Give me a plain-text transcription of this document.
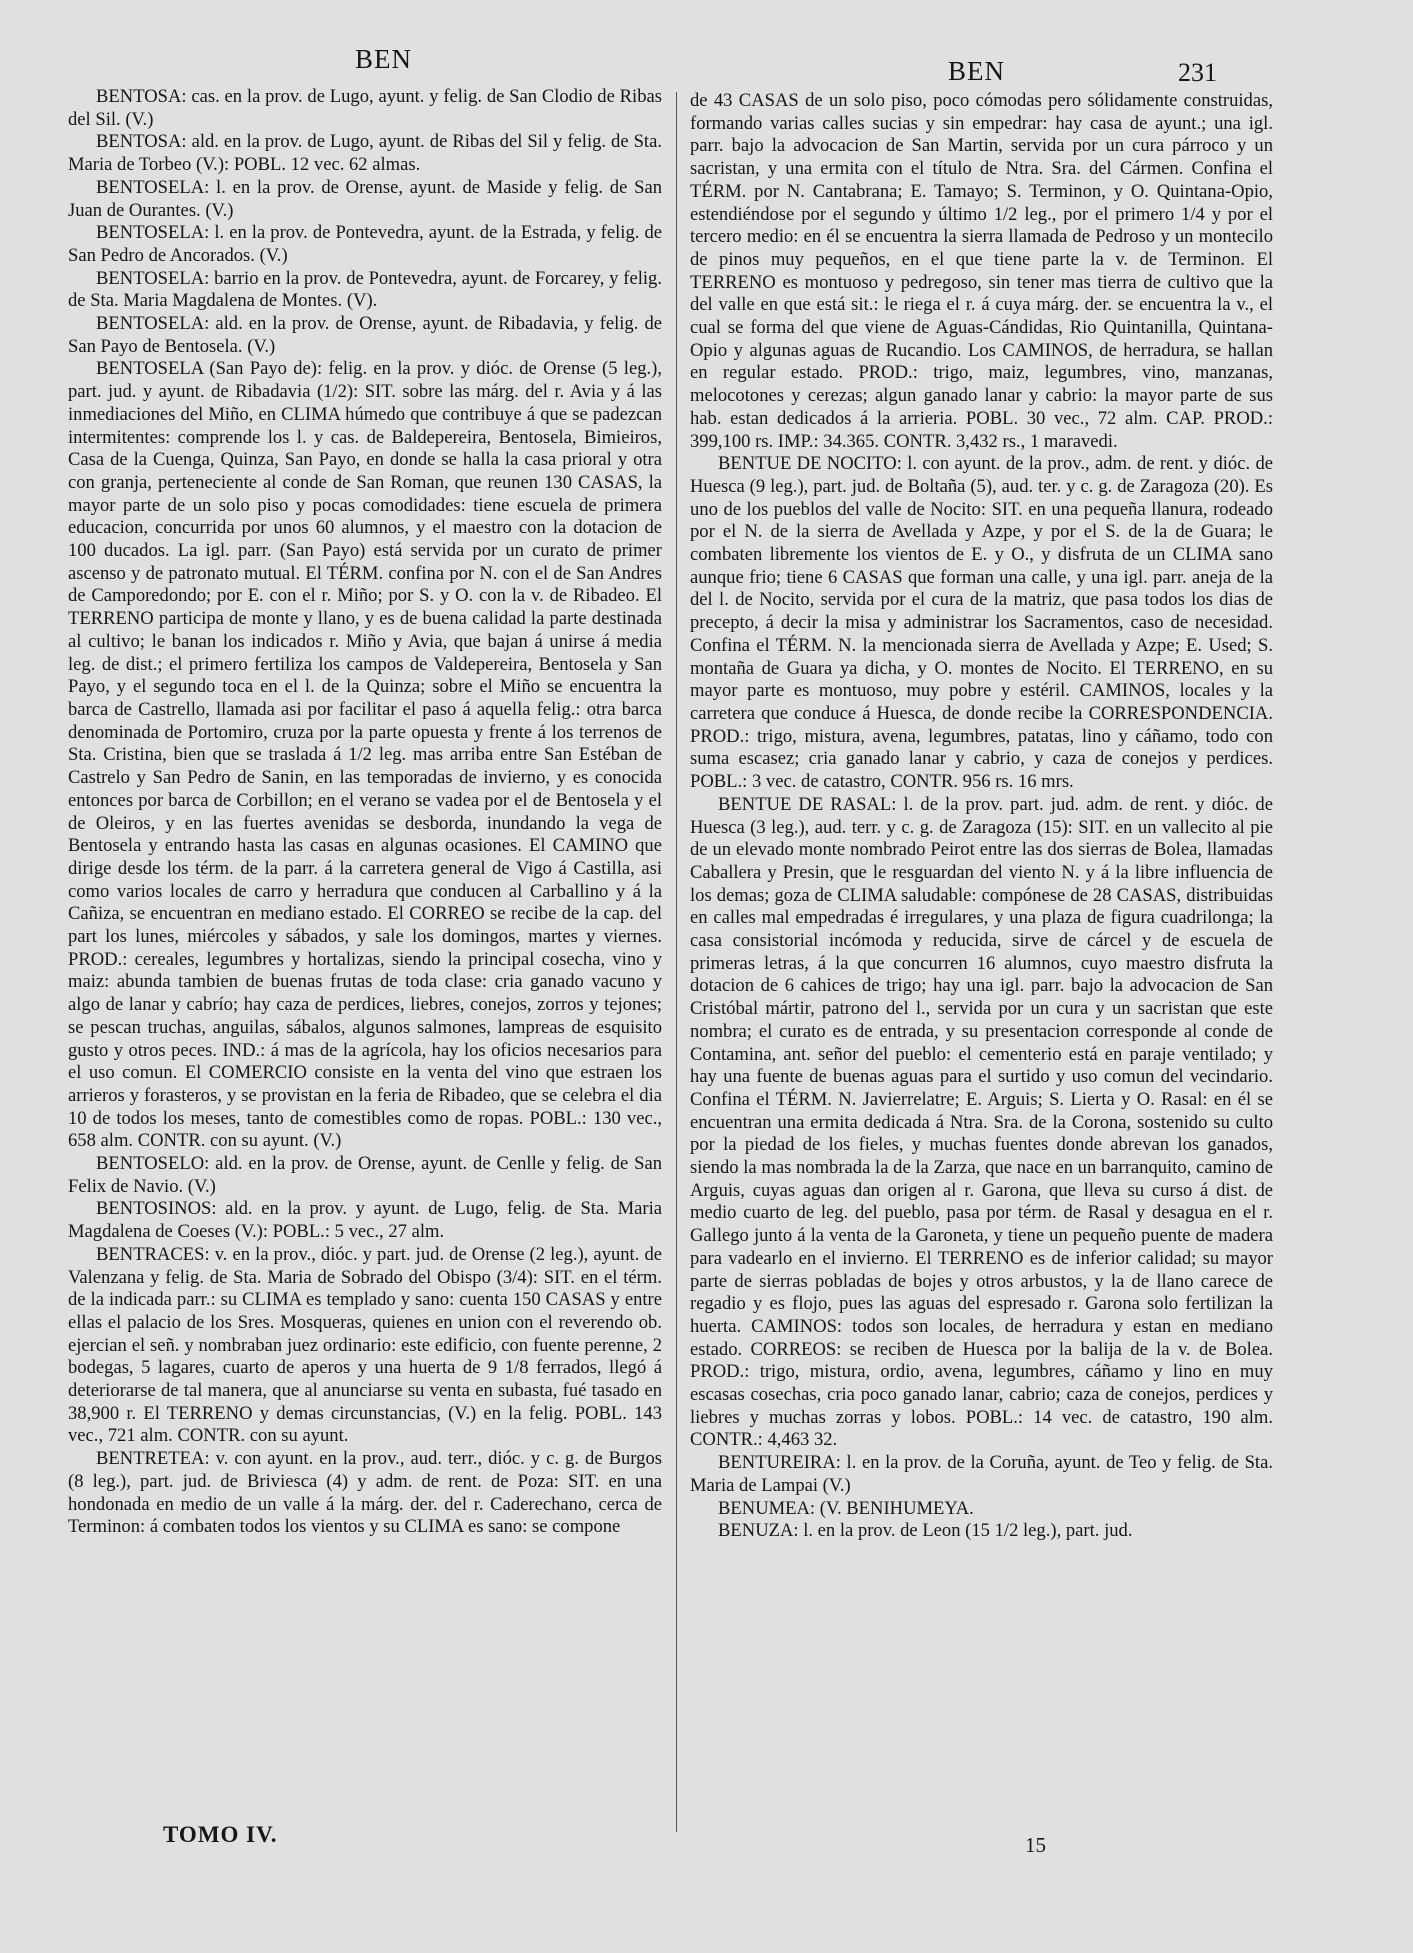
BEN	BEN	231

BENTOSA: cas. en la prov. de Lugo, ayunt. y felig. de San Clodio de Ribas del Sil. (V.)

BENTOSA: ald. en la prov. de Lugo, ayunt. de Ribas del Sil y felig. de Sta. Maria de Torbeo (V.): POBL. 12 vec. 62 almas.

BENTOSELA: l. en la prov. de Orense, ayunt. de Maside y felig. de San Juan de Ourantes. (V.)

BENTOSELA: l. en la prov. de Pontevedra, ayunt. de la Estrada, y felig. de San Pedro de Ancorados. (V.)

BENTOSELA: barrio en la prov. de Pontevedra, ayunt. de Forcarey, y felig. de Sta. Maria Magdalena de Montes. (V).

BENTOSELA: ald. en la prov. de Orense, ayunt. de Ribadavia, y felig. de San Payo de Bentosela. (V.)

BENTOSELA (San Payo de): felig. en la prov. y dióc. de Orense (5 leg.), part. jud. y ayunt. de Ribadavia (1/2): SIT. sobre las márg. del r. Avia y á las inmediaciones del Miño, en CLIMA húmedo que contribuye á que se padezcan intermitentes: comprende los l. y cas. de Baldepereira, Bentosela, Bimieiros, Casa de la Cuenga, Quinza, San Payo, en donde se halla la casa prioral y otra con granja, perteneciente al conde de San Roman, que reunen 130 CASAS, la mayor parte de un solo piso y pocas comodidades: tiene escuela de primera educacion, concurrida por unos 60 alumnos, y el maestro con la dotacion de 100 ducados. La igl. parr. (San Payo) está servida por un curato de primer ascenso y de patronato mutual. El TÉRM. confina por N. con el de San Andres de Camporedondo; por E. con el r. Miño; por S. y O. con la v. de Ribadeo. El TERRENO participa de monte y llano, y es de buena calidad la parte destinada al cultivo; le banan los indicados r. Miño y Avia, que bajan á unirse á media leg. de dist.; el primero fertiliza los campos de Valdepereira, Bentosela y San Payo, y el segundo toca en el l. de la Quinza; sobre el Miño se encuentra la barca de Castrello, llamada asi por facilitar el paso á aquella felig.: otra barca denominada de Portomiro, cruza por la parte opuesta y frente á los terrenos de Sta. Cristina, bien que se traslada á 1/2 leg. mas arriba entre San Estéban de Castrelo y San Pedro de Sanin, en las temporadas de invierno, y es conocida entonces por barca de Corbillon; en el verano se vadea por el de Bentosela y el de Oleiros, y en las fuertes avenidas se desborda, inundando la vega de Bentosela y entrando hasta las casas en algunas ocasiones. El CAMINO que dirige desde los térm. de la parr. á la carretera general de Vigo á Castilla, asi como varios locales de carro y herradura que conducen al Carballino y á la Cañiza, se encuentran en mediano estado. El CORREO se recibe de la cap. del part los lunes, miércoles y sábados, y sale los domingos, martes y viernes. PROD.: cereales, legumbres y hortalizas, siendo la principal cosecha, vino y maiz: abunda tambien de buenas frutas de toda clase: cria ganado vacuno y algo de lanar y cabrío; hay caza de perdices, liebres, conejos, zorros y tejones; se pescan truchas, anguilas, sábalos, algunos salmones, lampreas de esquisito gusto y otros peces. IND.: á mas de la agrícola, hay los oficios necesarios para el uso comun. El COMERCIO consiste en la venta del vino que estraen los arrieros y forasteros, y se provistan en la feria de Ribadeo, que se celebra el dia 10 de todos los meses, tanto de comestibles como de ropas. POBL.: 130 vec., 658 alm. CONTR. con su ayunt. (V.)

BENTOSELO: ald. en la prov. de Orense, ayunt. de Cenlle y felig. de San Felix de Navio. (V.)

BENTOSINOS: ald. en la prov. y ayunt. de Lugo, felig. de Sta. Maria Magdalena de Coeses (V.): POBL.: 5 vec., 27 alm.

BENTRACES: v. en la prov., dióc. y part. jud. de Orense (2 leg.), ayunt. de Valenzana y felig. de Sta. Maria de Sobrado del Obispo (3/4): SIT. en el térm. de la indicada parr.: su CLIMA es templado y sano: cuenta 150 CASAS y entre ellas el palacio de los Sres. Mosqueras, quienes en union con el reverendo ob. ejercian el señ. y nombraban juez ordinario: este edificio, con fuente perenne, 2 bodegas, 5 lagares, cuarto de aperos y una huerta de 9 1/8 ferrados, llegó á deteriorarse de tal manera, que al anunciarse su venta en subasta, fué tasado en 38,900 r. El TERRENO y demas circunstancias, (V.) en la felig. POBL. 143 vec., 721 alm. CONTR. con su ayunt.

BENTRETEA: v. con ayunt. en la prov., aud. terr., dióc. y c. g. de Burgos (8 leg.), part. jud. de Briviesca (4) y adm. de rent. de Poza: SIT. en una hondonada en medio de un valle á la márg. der. del r. Caderechano, cerca de Terminon: á combaten todos los vientos y su CLIMA es sano: se compone

de 43 CASAS de un solo piso, poco cómodas pero sólidamente construidas, formando varias calles sucias y sin empedrar: hay casa de ayunt.; una igl. parr. bajo la advocacion de San Martin, servida por un cura párroco y un sacristan, y una ermita con el título de Ntra. Sra. del Cármen. Confina el TÉRM. por N. Cantabrana; E. Tamayo; S. Terminon, y O. Quintana-Opio, estendiéndose por el segundo y último 1/2 leg., por el primero 1/4 y por el tercero medio: en él se encuentra la sierra llamada de Pedroso y un montecilo de pinos muy pequeños, en el que tiene parte la v. de Terminon. El TERRENO es montuoso y pedregoso, sin tener mas tierra de cultivo que la del valle en que está sit.: le riega el r. á cuya márg. der. se encuentra la v., el cual se forma del que viene de Aguas-Cándidas, Rio Quintanilla, Quintana-Opio y algunas aguas de Rucandio. Los CAMINOS, de herradura, se hallan en regular estado. PROD.: trigo, maiz, legumbres, vino, manzanas, melocotones y cerezas; algun ganado lanar y cabrio: la mayor parte de sus hab. estan dedicados á la arrieria. POBL. 30 vec., 72 alm. CAP. PROD.: 399,100 rs. IMP.: 34.365. CONTR. 3,432 rs., 1 maravedi.

BENTUE DE NOCITO: l. con ayunt. de la prov., adm. de rent. y dióc. de Huesca (9 leg.), part. jud. de Boltaña (5), aud. ter. y c. g. de Zaragoza (20). Es uno de los pueblos del valle de Nocito: SIT. en una pequeña llanura, rodeado por el N. de la sierra de Avellada y Azpe, y por el S. de la de Guara; le combaten libremente los vientos de E. y O., y disfruta de un CLIMA sano aunque frio; tiene 6 CASAS que forman una calle, y una igl. parr. aneja de la del l. de Nocito, servida por el cura de la matriz, que pasa todos los dias de precepto, á decir la misa y administrar los Sacramentos, caso de necesidad. Confina el TÉRM. N. la mencionada sierra de Avellada y Azpe; E. Used; S. montaña de Guara ya dicha, y O. montes de Nocito. El TERRENO, en su mayor parte es montuoso, muy pobre y estéril. CAMINOS, locales y la carretera que conduce á Huesca, de donde recibe la CORRESPONDENCIA. PROD.: trigo, mistura, avena, legumbres, patatas, lino y cáñamo, todo con suma escasez; cria ganado lanar y cabrio, y caza de conejos y perdices. POBL.: 3 vec. de catastro, CONTR. 956 rs. 16 mrs.

BENTUE DE RASAL: l. de la prov. part. jud. adm. de rent. y dióc. de Huesca (3 leg.), aud. terr. y c. g. de Zaragoza (15): SIT. en un vallecito al pie de un elevado monte nombrado Peirot entre las dos sierras de Bolea, llamadas Caballera y Presin, que le resguardan del viento N. y á la libre influencia de los demas; goza de CLIMA saludable: compónese de 28 CASAS, distribuidas en calles mal empedradas é irregulares, y una plaza de figura cuadrilonga; la casa consistorial incómoda y reducida, sirve de cárcel y de escuela de primeras letras, á la que concurren 16 alumnos, cuyo maestro disfruta la dotacion de 6 cahices de trigo; hay una igl. parr. bajo la advocacion de San Cristóbal mártir, patrono del l., servida por un cura y un sacristan que este nombra; el curato es de entrada, y su presentacion corresponde al conde de Contamina, ant. señor del pueblo: el cementerio está en paraje ventilado; y hay una fuente de buenas aguas para el surtido y uso comun del vecindario. Confina el TÉRM. N. Javierrelatre; E. Arguis; S. Lierta y O. Rasal: en él se encuentran una ermita dedicada á Ntra. Sra. de la Corona, sostenido su culto por la piedad de los fieles, y muchas fuentes donde abrevan los ganados, siendo la mas nombrada la de la Zarza, que nace en un barranquito, camino de Arguis, cuyas aguas dan origen al r. Garona, que lleva su curso á dist. de medio cuarto de leg. del pueblo, pasa por térm. de Rasal y desagua en el r. Gallego junto á la venta de la Garoneta, y tiene un pequeño puente de madera para vadearlo en el invierno. El TERRENO es de inferior calidad; su mayor parte de sierras pobladas de bojes y otros arbustos, y la de llano carece de regadio y es flojo, pues las aguas del espresado r. Garona solo fertilizan la huerta. CAMINOS: todos son locales, de herradura y estan en mediano estado. CORREOS: se reciben de Huesca por la balija de la v. de Bolea. PROD.: trigo, mistura, ordio, avena, legumbres, cáñamo y lino en muy escasas cosechas, cria poco ganado lanar, cabrio; caza de conejos, perdices y liebres y muchas zorras y lobos. POBL.: 14 vec. de catastro, 190 alm. CONTR.: 4,463 32.

BENTUREIRA: l. en la prov. de la Coruña, ayunt. de Teo y felig. de Sta. Maria de Lampai (V.)

BENUMEA: (V. BENIHUMEYA.

BENUZA: l. en la prov. de Leon (15 1/2 leg.), part. jud.

TOMO IV.	15
